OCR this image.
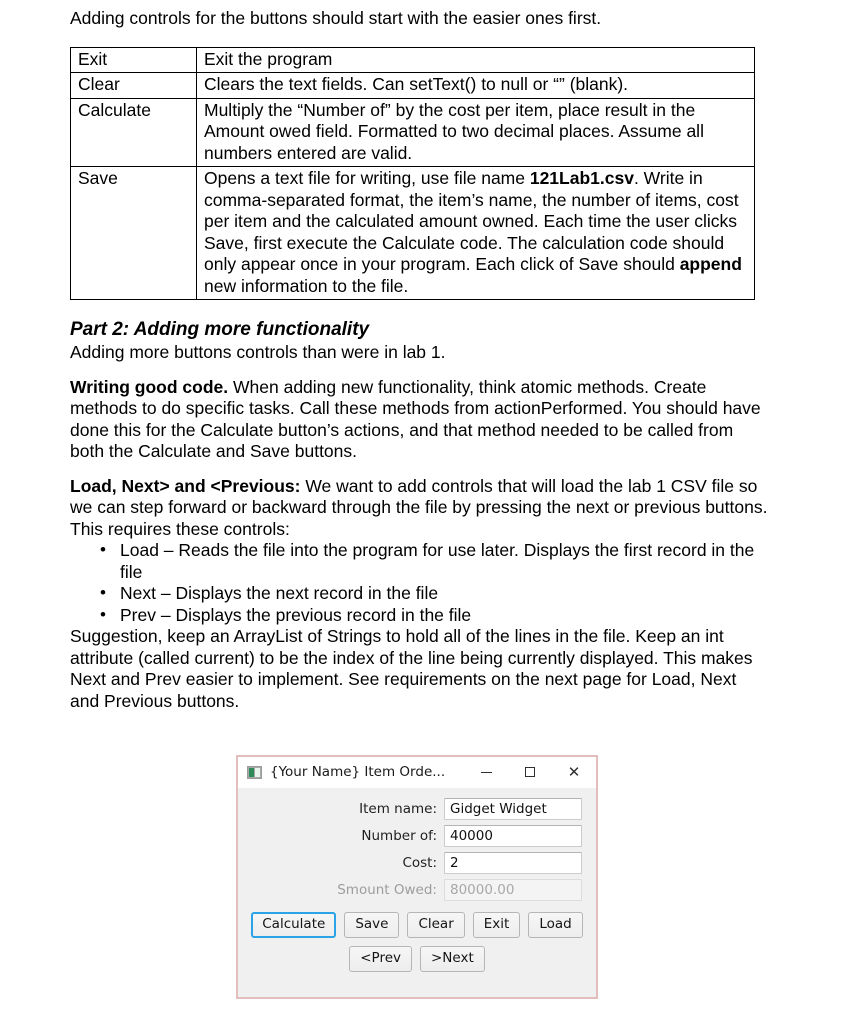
Adding controls for the buttons should start with the easier ones first.

Exit	Exit the program
Clear	Clears the text fields. Can setText() to null or “” (blank).
Calculate	Multiply the “Number of” by the cost per item, place result in the Amount owed field. Formatted to two decimal places. Assume all numbers entered are valid.
Save	Opens a text file for writing, use file name 121Lab1.csv. Write in comma-separated format, the item’s name, the number of items, cost per item and the calculated amount owned. Each time the user clicks Save, first execute the Calculate code. The calculation code should only appear once in your program. Each click of Save should append new information to the file.
Part 2: Adding more functionality

Adding more buttons controls than were in lab 1.

Writing good code. When adding new functionality, think atomic methods. Create methods to do specific tasks. Call these methods from actionPerformed. You should have done this for the Calculate button’s actions, and that method needed to be called from both the Calculate and Save buttons.

Load, Next> and <Previous: We want to add controls that will load the lab 1 CSV file so we can step forward or backward through the file by pressing the next or previous buttons. This requires these controls:

• Load – Reads the file into the program for use later. Displays the first record in the file
• Next – Displays the next record in the file
• Prev – Displays the previous record in the file

Suggestion, keep an ArrayList of Strings to hold all of the lines in the file. Keep an int attribute (called current) to be the index of the line being currently displayed. This makes Next and Prev easier to implement. See requirements on the next page for Load, Next and Previous buttons.

{Your Name} Item Orde...	✕
Item name: Gidget Widget
Number of: 40000
Cost: 2
Smount Owed: 80000.00
Calculate	Save	Clear	Exit	Load
<Prev	>Next
